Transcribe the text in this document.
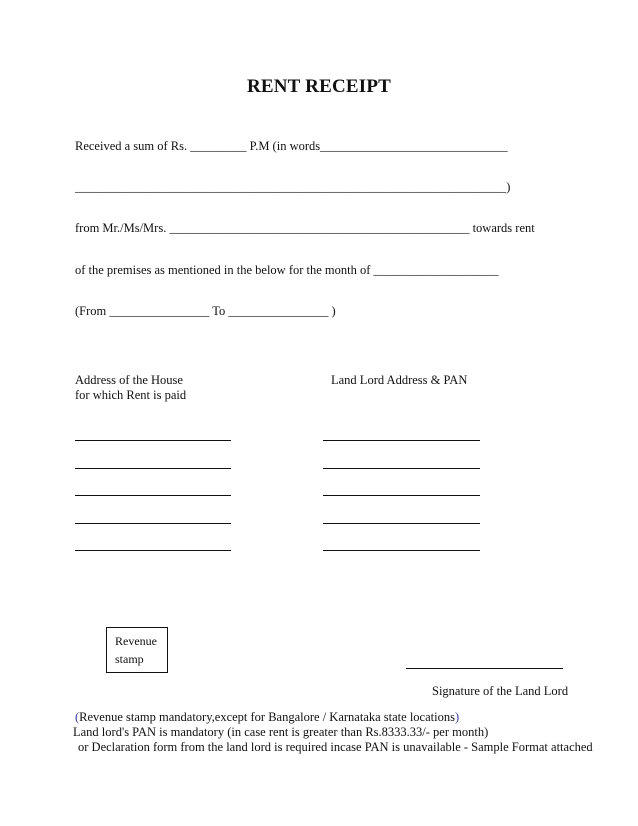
RENT RECEIPT
Received a sum of Rs. _________ P.M (in words______________________________
_____________________________________________________________________)
from Mr./Ms/Mrs. ________________________________________________ towards rent
of the premises as mentioned in the below for the month of ____________________
(From ________________ To ________________ )
Address of the House
for which Rent is paid
Land Lord Address & PAN
Revenue
stamp
Signature of the Land Lord
(Revenue stamp mandatory,except for Bangalore / Karnataka state locations)
Land lord's PAN is mandatory (in case rent is greater than Rs.8333.33/- per month)
or Declaration form from the land lord is required incase PAN is unavailable - Sample Format attached
